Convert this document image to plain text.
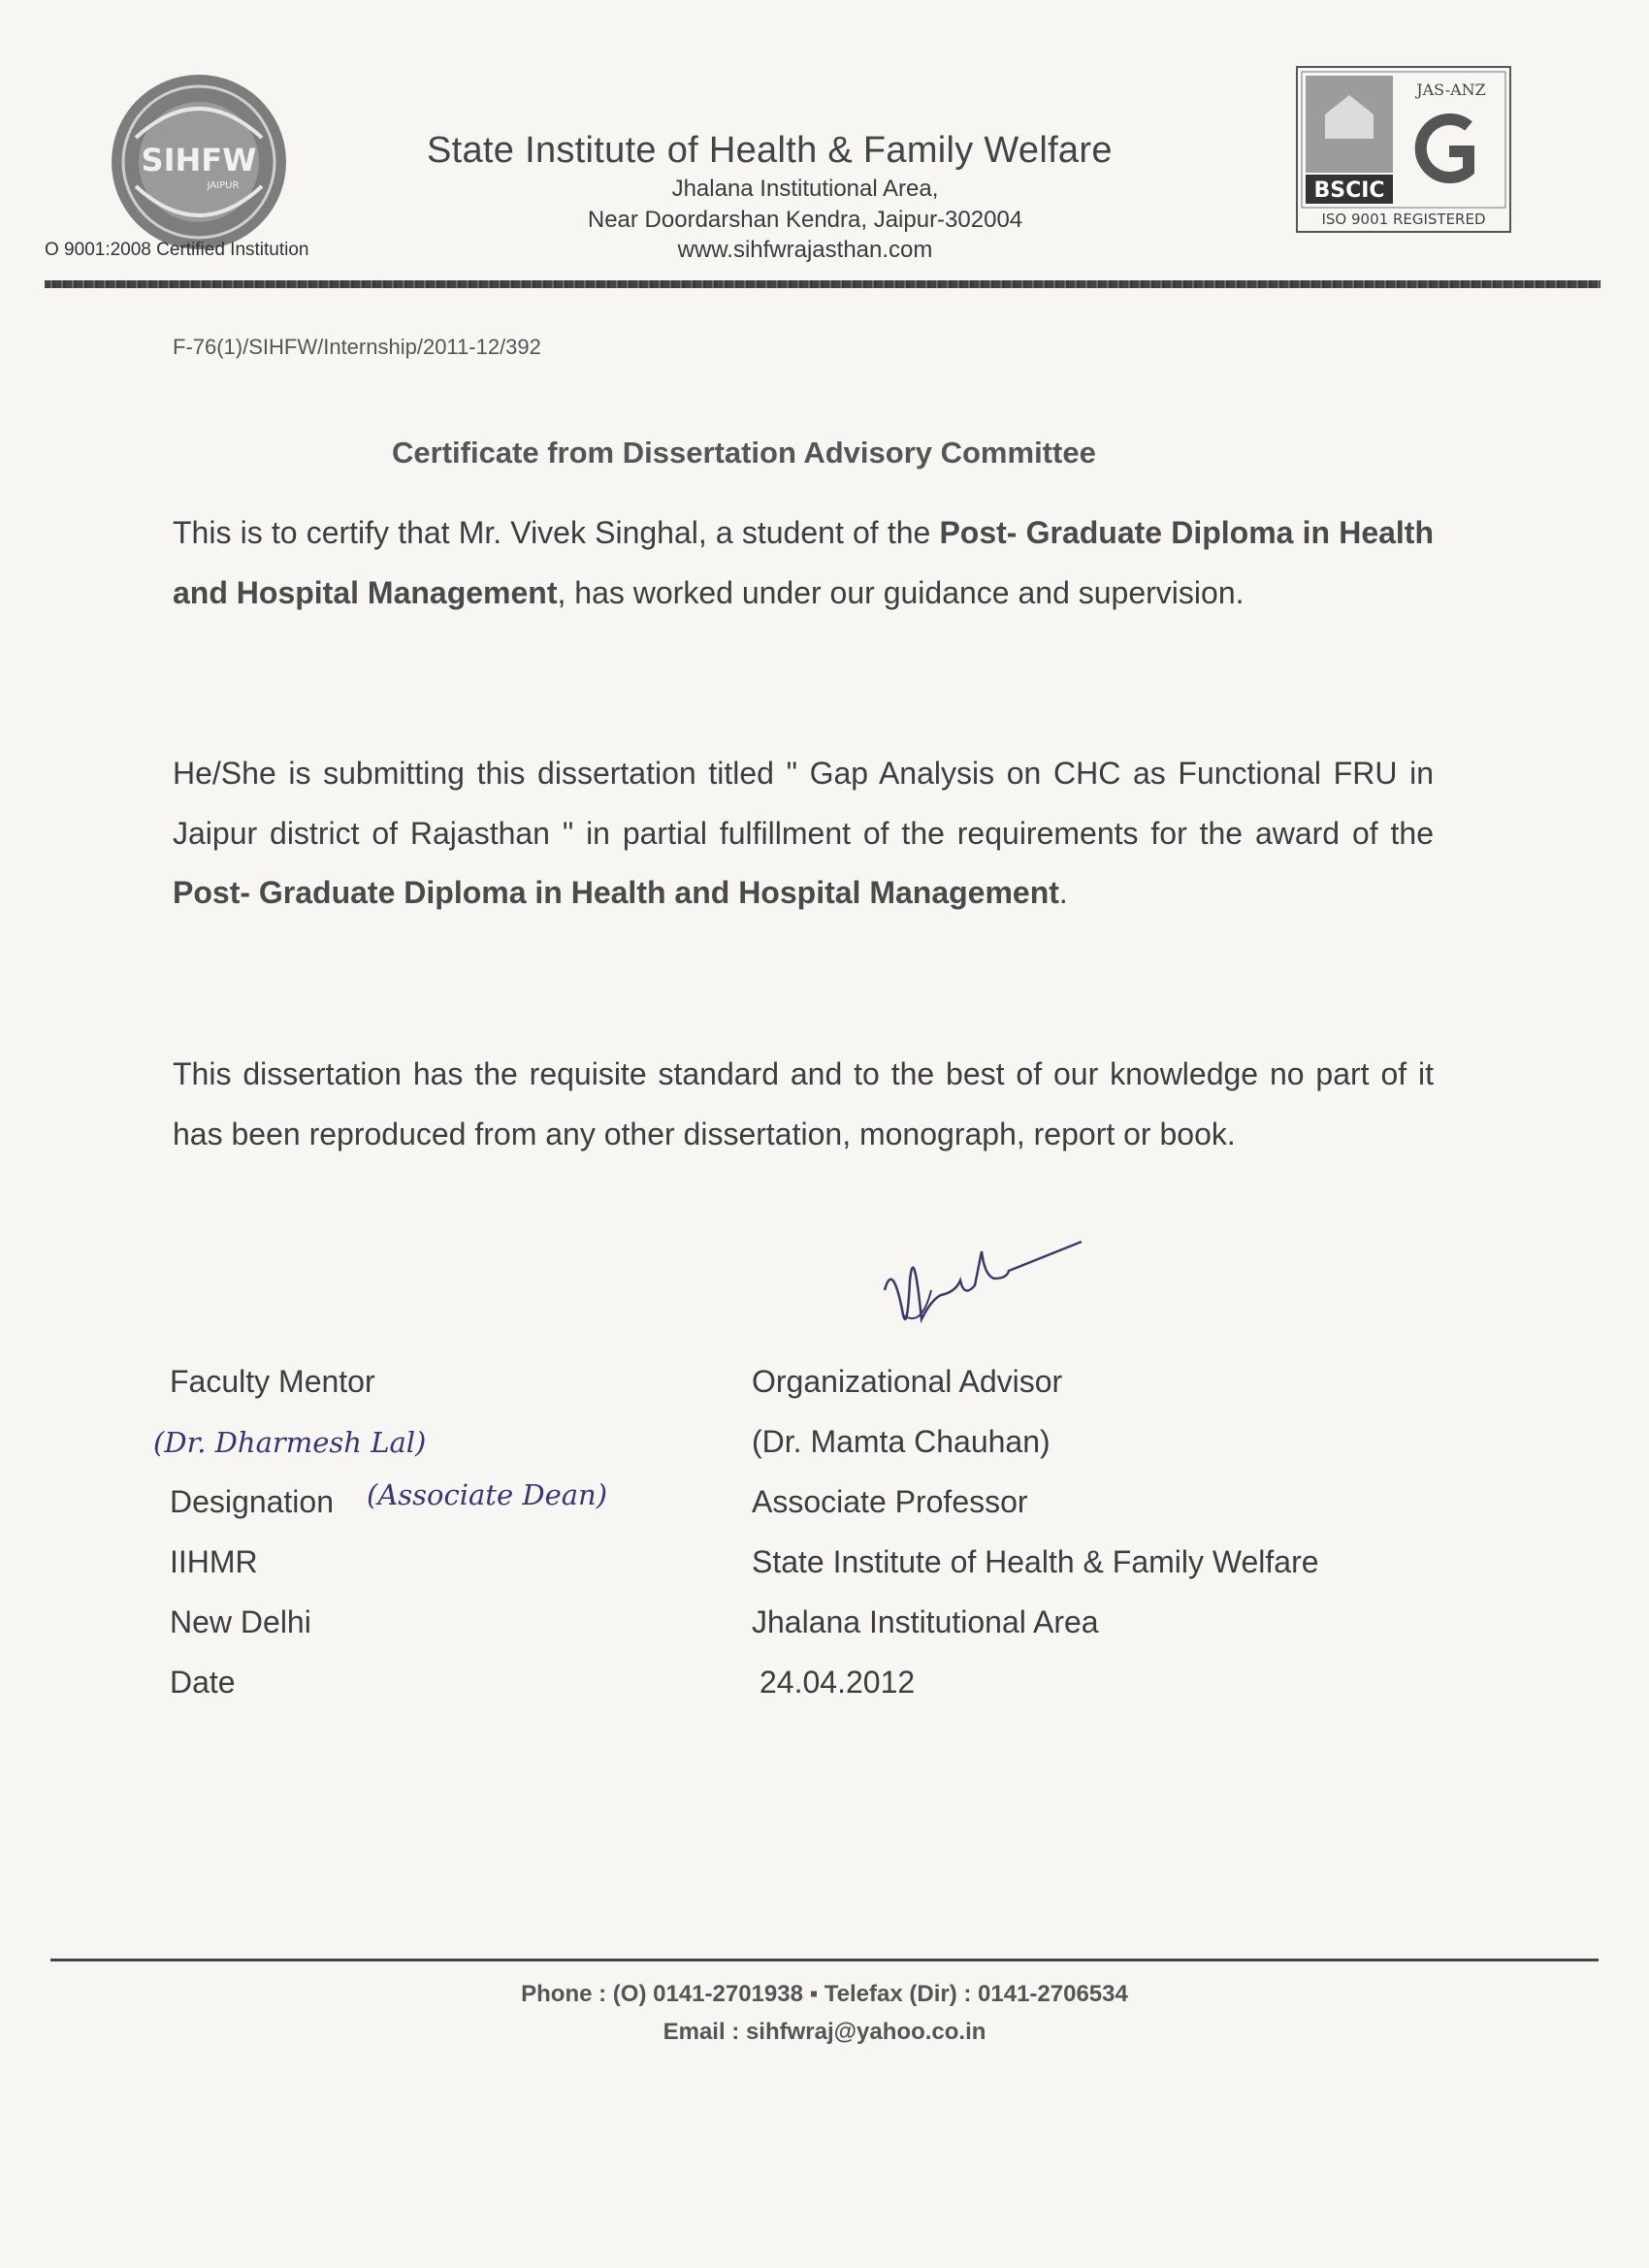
SIHFW
JAIPUR
O 9001:2008 Certified Institution
State Institute of Health & Family Welfare
Jhalana Institutional Area,
Near Doordarshan Kendra, Jaipur-302004
www.sihfwrajasthan.com
BSCIC
JAS-ANZ
ISO 9001 REGISTERED
F-76(1)/SIHFW/Internship/2011-12/392
Certificate from Dissertation Advisory Committee
This is to certify that Mr. Vivek Singhal, a student of the Post- Graduate Diploma in Health and Hospital Management, has worked under our guidance and supervision.
He/She is submitting this dissertation titled " Gap Analysis on CHC as Functional FRU in Jaipur district of Rajasthan " in partial fulfillment of the requirements for the award of the Post- Graduate Diploma in Health and Hospital Management.
This dissertation has the requisite standard and to the best of our knowledge no part of it has been reproduced from any other dissertation, monograph, report or book.
Faculty Mentor
(Dr. Dharmesh Lal)
Designation (Associate Dean)
IIHMR
New Delhi
Date
Organizational Advisor
(Dr. Mamta Chauhan)
Associate Professor
State Institute of Health & Family Welfare
Jhalana Institutional Area
24.04.2012
Phone : (O) 0141-2701938 ▪ Telefax (Dir) : 0141-2706534
Email : sihfwraj@yahoo.co.in
